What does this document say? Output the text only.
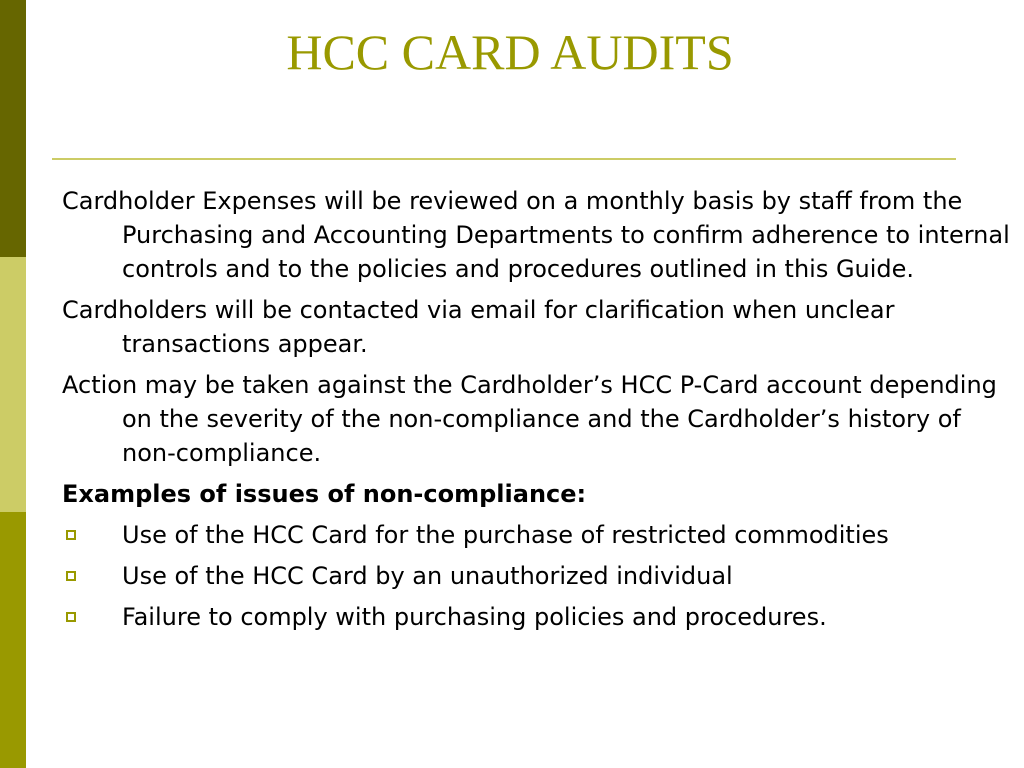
HCC CARD AUDITS

Cardholder Expenses will be reviewed on a monthly basis by staff from the Purchasing and Accounting Departments to confirm adherence to internal controls and to the policies and procedures outlined in this Guide.

Cardholders will be contacted via email for clarification when unclear transactions appear.

Action may be taken against the Cardholder’s HCC P-Card account depending on the severity of the non-compliance and the Cardholder’s history of non-compliance.

Examples of issues of non-compliance:

Use of the HCC Card for the purchase of restricted commodities
Use of the HCC Card by an unauthorized individual
Failure to comply with purchasing policies and procedures.
